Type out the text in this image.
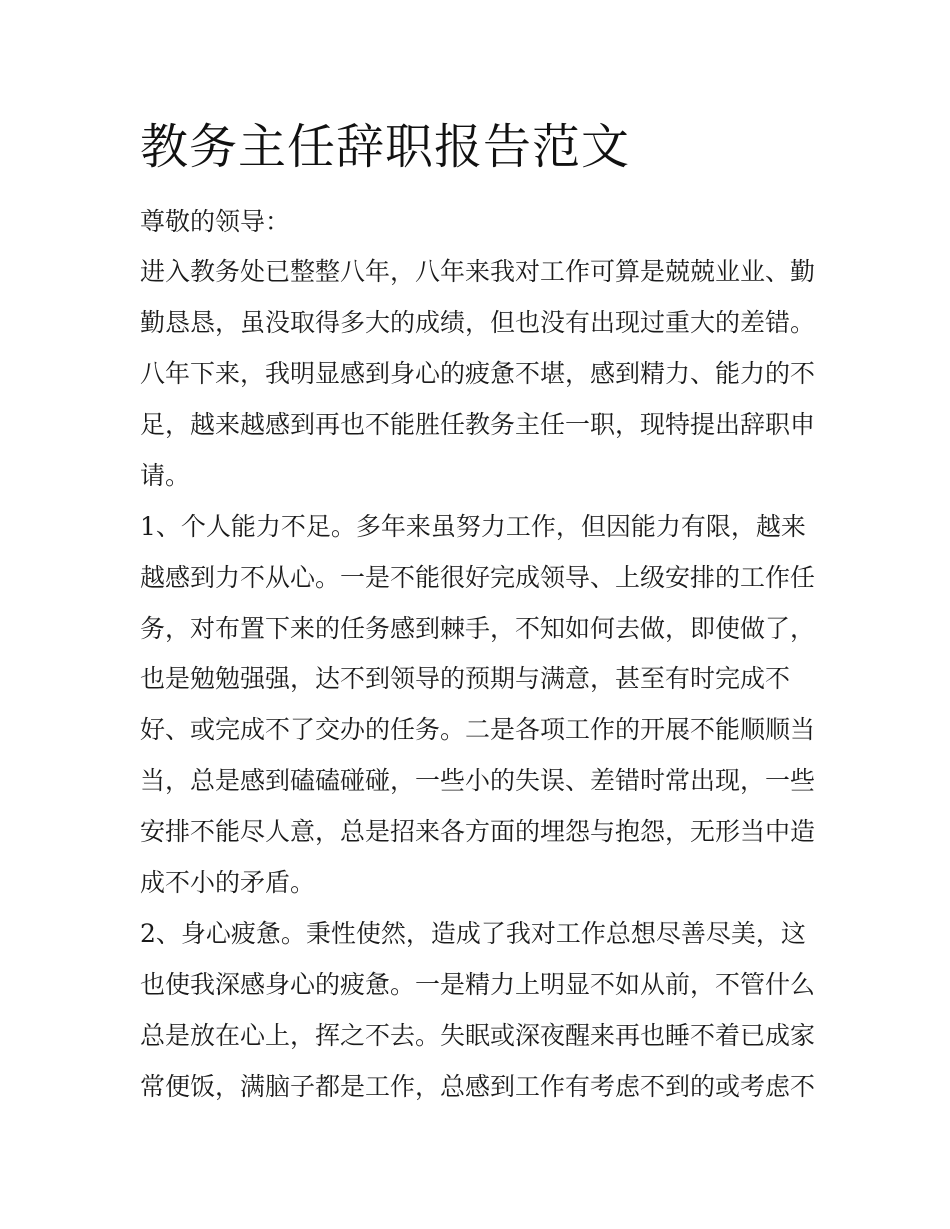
教务主任辞职报告范文

尊敬的领导：

进入教务处已整整八年，八年来我对工作可算是兢兢业业、勤

勤恳恳，虽没取得多大的成绩，但也没有出现过重大的差错。

八年下来，我明显感到身心的疲惫不堪，感到精力、能力的不

足，越来越感到再也不能胜任教务主任一职，现特提出辞职申

请。

1、个人能力不足。多年来虽努力工作，但因能力有限，越来

越感到力不从心。一是不能很好完成领导、上级安排的工作任

务，对布置下来的任务感到棘手，不知如何去做，即使做了，

也是勉勉强强，达不到领导的预期与满意，甚至有时完成不

好、或完成不了交办的任务。二是各项工作的开展不能顺顺当

当，总是感到磕磕碰碰，一些小的失误、差错时常出现，一些

安排不能尽人意，总是招来各方面的埋怨与抱怨，无形当中造

成不小的矛盾。

2、身心疲惫。秉性使然，造成了我对工作总想尽善尽美，这

也使我深感身心的疲惫。一是精力上明显不如从前，不管什么

总是放在心上，挥之不去。失眠或深夜醒来再也睡不着已成家

常便饭，满脑子都是工作，总感到工作有考虑不到的或考虑不
